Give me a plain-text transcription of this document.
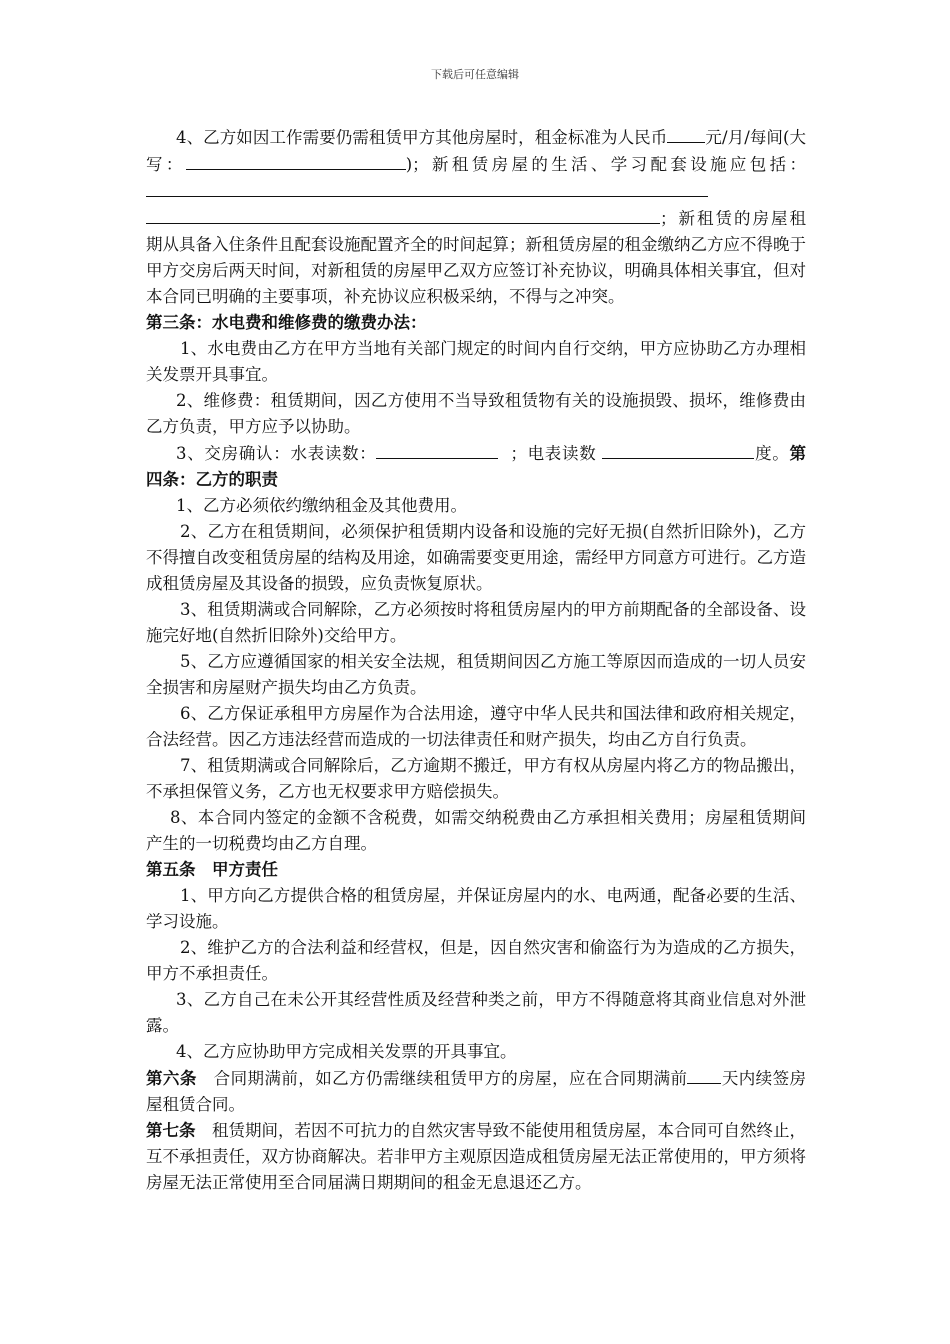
下载后可任意编辑

4、乙方如因工作需要仍需租赁甲方其他房屋时，租金标准为人民币 元/月/每间(大写：	)；新租赁房屋的生活、学习配套设施应包括：；新租赁的房屋租期从具备入住条件且配套设施配置齐全的时间起算；新租赁房屋的租金缴纳乙方应不得晚于甲方交房后两天时间，对新租赁的房屋甲乙双方应签订补充协议，明确具体相关事宜，但对本合同已明确的主要事项，补充协议应积极采纳，不得与之冲突。

第三条：水电费和维修费的缴费办法：

1、水电费由乙方在甲方当地有关部门规定的时间内自行交纳，甲方应协助乙方办理相关发票开具事宜。

2、维修费：租赁期间，因乙方使用不当导致租赁物有关的设施损毁、损坏，维修费由乙方负责，甲方应予以协助。

3、交房确认：水表读数：	；电表读数	度。第四条：乙方的职责

1、乙方必须依约缴纳租金及其他费用。

2、乙方在租赁期间，必须保护租赁期内设备和设施的完好无损(自然折旧除外)，乙方不得擅自改变租赁房屋的结构及用途，如确需要变更用途，需经甲方同意方可进行。乙方造成租赁房屋及其设备的损毁，应负责恢复原状。

3、租赁期满或合同解除，乙方必须按时将租赁房屋内的甲方前期配备的全部设备、设施完好地(自然折旧除外)交给甲方。

5、乙方应遵循国家的相关安全法规，租赁期间因乙方施工等原因而造成的一切人员安全损害和房屋财产损失均由乙方负责。

6、乙方保证承租甲方房屋作为合法用途，遵守中华人民共和国法律和政府相关规定，合法经营。因乙方违法经营而造成的一切法律责任和财产损失，均由乙方自行负责。

7、租赁期满或合同解除后，乙方逾期不搬迁，甲方有权从房屋内将乙方的物品搬出，不承担保管义务，乙方也无权要求甲方赔偿损失。

8、本合同内签定的金额不含税费，如需交纳税费由乙方承担相关费用；房屋租赁期间产生的一切税费均由乙方自理。

第五条　甲方责任

1、甲方向乙方提供合格的租赁房屋，并保证房屋内的水、电两通，配备必要的生活、学习设施。

2、维护乙方的合法利益和经营权，但是，因自然灾害和偷盗行为为造成的乙方损失，甲方不承担责任。

3、乙方自己在未公开其经营性质及经营种类之前，甲方不得随意将其商业信息对外泄露。

4、乙方应协助甲方完成相关发票的开具事宜。

第六条　合同期满前，如乙方仍需继续租赁甲方的房屋，应在合同期满前 天内续签房屋租赁合同。

第七条　租赁期间，若因不可抗力的自然灾害导致不能使用租赁房屋，本合同可自然终止，互不承担责任，双方协商解决。若非甲方主观原因造成租赁房屋无法正常使用的，甲方须将房屋无法正常使用至合同届满日期期间的租金无息退还乙方。
